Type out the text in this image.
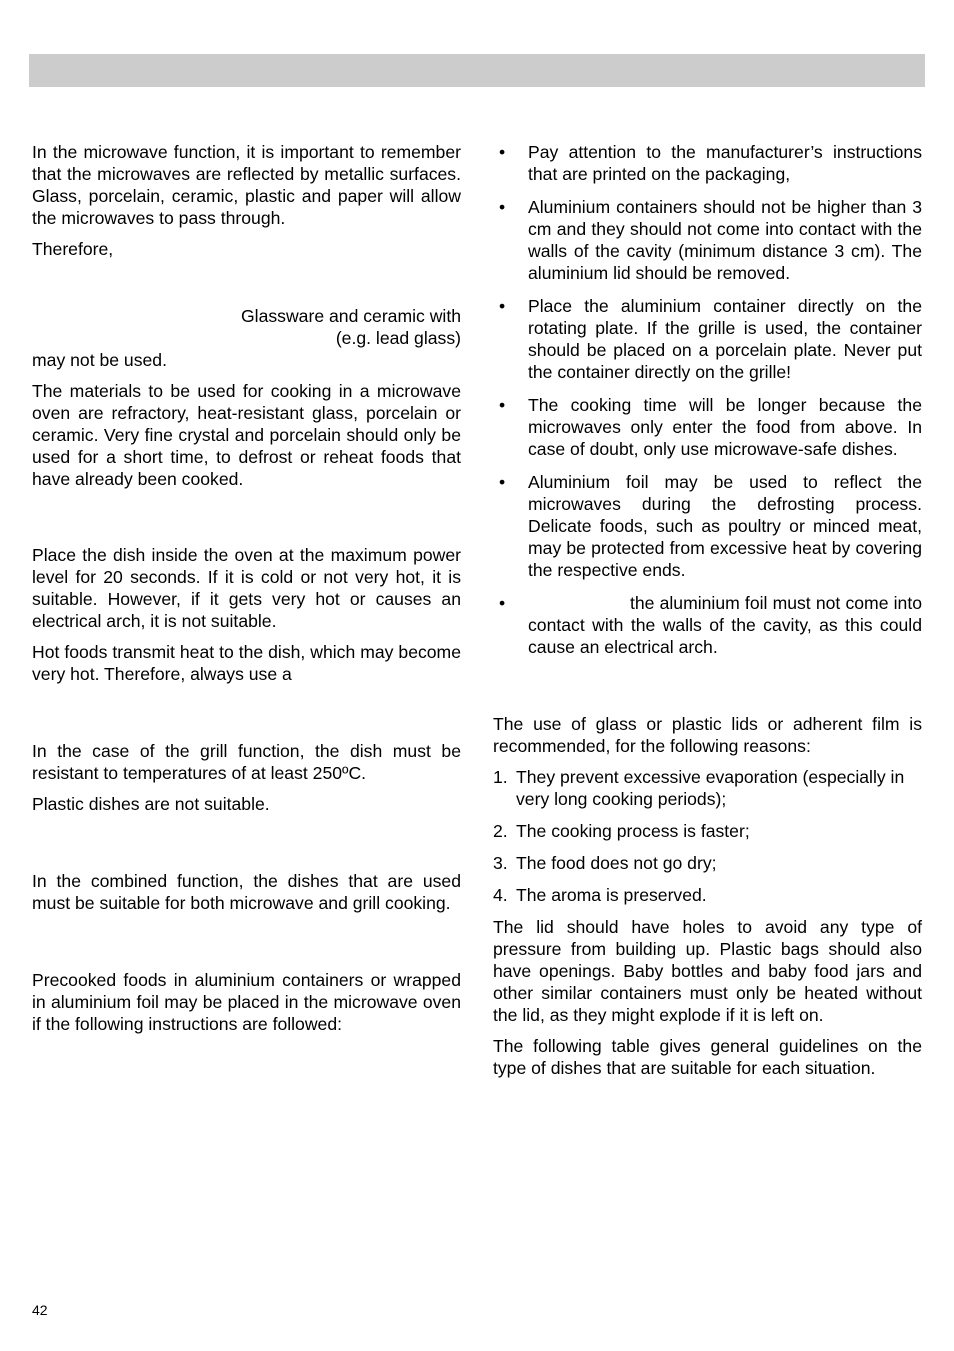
In the microwave function, it is important to remember that the microwaves are reflected by metallic surfaces. Glass, porcelain, ceramic, plastic and paper will allow the microwaves to pass through.

Therefore,

Glassware and ceramic with

(e.g. lead glass)

may not be used.

The materials to be used for cooking in a microwave oven are refractory, heat-resistant glass, porcelain or ceramic. Very fine crystal and porcelain should only be used for a short time, to defrost or reheat foods that have already been cooked.

Place the dish inside the oven at the maximum power level for 20 seconds. If it is cold or not very hot, it is suitable. However, if it gets very hot or causes an electrical arch, it is not suitable.

Hot foods transmit heat to the dish, which may become very hot. Therefore, always use a

In the case of the grill function, the dish must be resistant to temperatures of at least 250ºC.

Plastic dishes are not suitable.

In the combined function, the dishes that are used must be suitable for both microwave and grill cooking.

Precooked foods in aluminium containers or wrapped in aluminium foil may be placed in the microwave oven if the following instructions are followed:

• Pay attention to the manufacturer’s instructions that are printed on the packaging,
• Aluminium containers should not be higher than 3 cm and they should not come into contact with the walls of the cavity (minimum distance 3 cm). The aluminium lid should be removed.
• Place the aluminium container directly on the rotating plate. If the grille is used, the container should be placed on a porcelain plate. Never put the container directly on the grille!
• The cooking time will be longer because the microwaves only enter the food from above. In case of doubt, only use microwave-safe dishes.
• Aluminium foil may be used to reflect the microwaves during the defrosting process. Delicate foods, such as poultry or minced meat, may be protected from excessive heat by covering the respective ends.
•	the aluminium foil must not come into contact with the walls of the cavity, as this could cause an electrical arch.

The use of glass or plastic lids or adherent film is recommended, for the following reasons:

1. They prevent excessive evaporation (especially in very long cooking periods);
2. The cooking process is faster;
3. The food does not go dry;
4. The aroma is preserved.

The lid should have holes to avoid any type of pressure from building up. Plastic bags should also have openings. Baby bottles and baby food jars and other similar containers must only be heated without the lid, as they might explode if it is left on.

The following table gives general guidelines on the type of dishes that are suitable for each situation.

42
